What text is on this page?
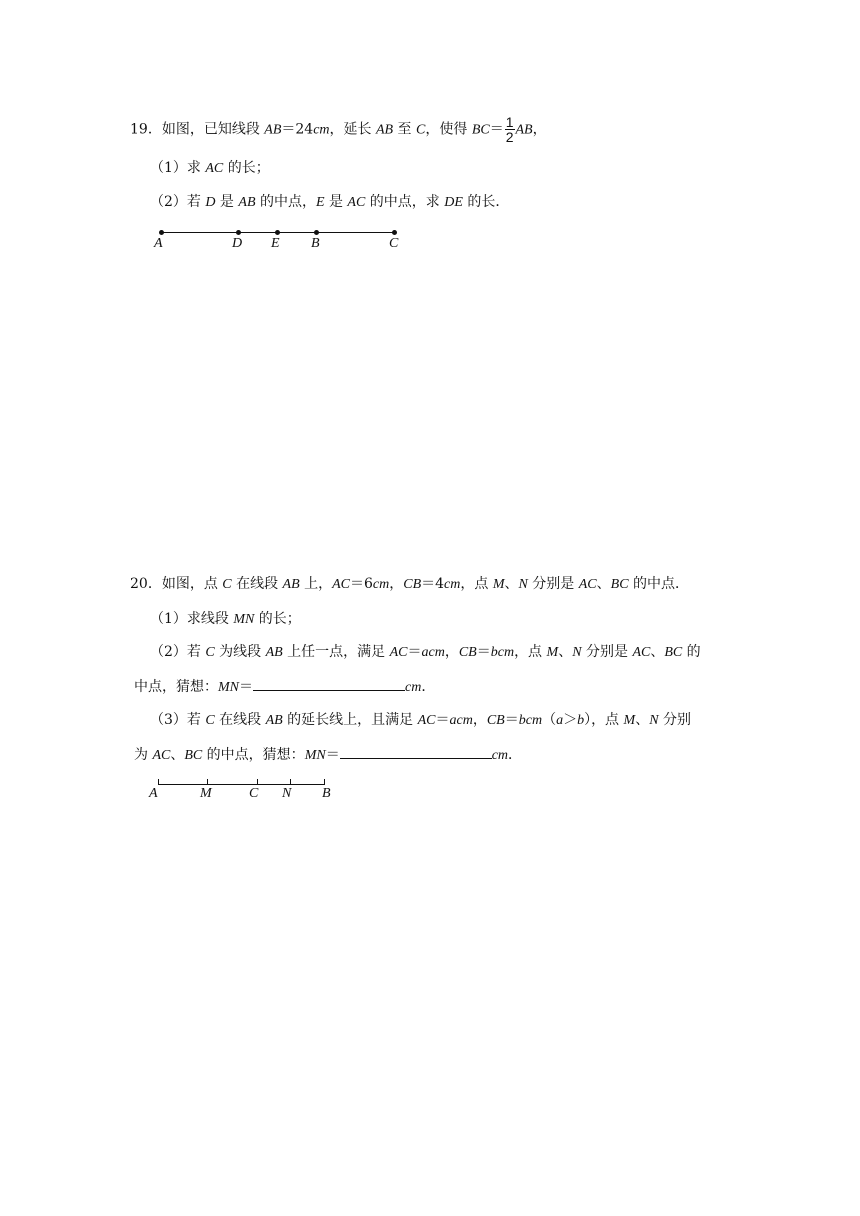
19．如图，已知线段 AB＝24cm，延长 AB 至 C，使得 $BC= \frac{1}{2}$ AB，
（1）求 AC 的长；
（2）若 D 是 AB 的中点，E 是 AC 的中点，求 DE 的长．
A	D E B	C
20．如图，点 C 在线段 AB 上，AC＝6cm，CB＝4cm，点 M、N 分别是 AC、BC 的中点．
（1）求线段 MN 的长；
（2）若 C 为线段 AB 上任一点，满足 AC＝acm，CB＝bcm，点 M、N 分别是 AC、BC 的
中点，猜想：MN＝	cm．
（3）若 C 在线段 AB 的延长线上，且满足 AC＝acm，CB＝bcm（a＞b），点 M、N 分别
为 AC、BC 的中点，猜想：MN＝	cm．
A	M	C N B
